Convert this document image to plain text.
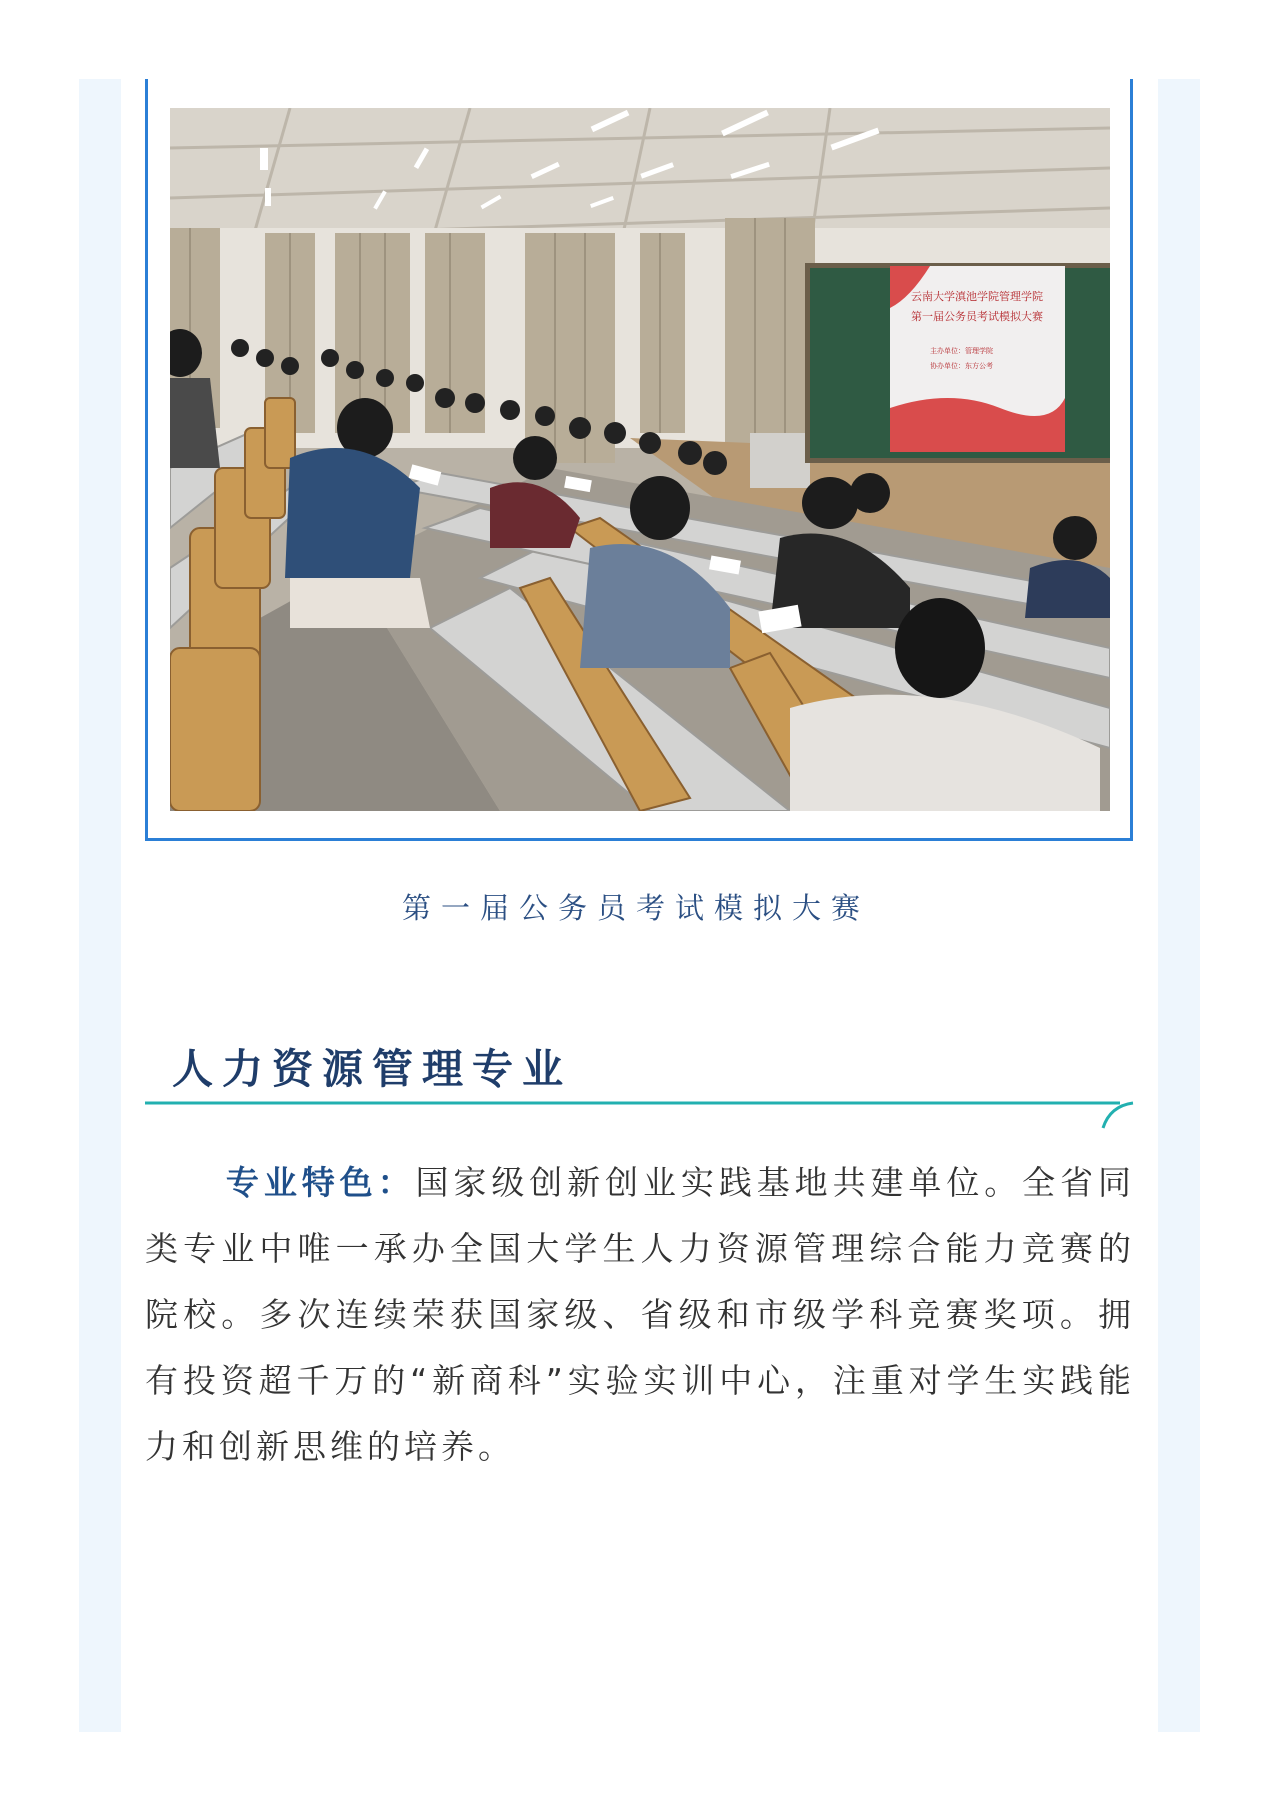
云南大学滇池学院管理学院
第一届公务员考试模拟大赛
主办单位：管理学院
协办单位：东方公考
第一届公务员考试模拟大赛
人力资源管理专业
专业特色：国家级创新创业实践基地共建单位。全省同类专业中唯一承办全国大学生人力资源管理综合能力竞赛的院校。多次连续荣获国家级、省级和市级学科竞赛奖项。拥有投资超千万的“新商科”实验实训中心，注重对学生实践能力和创新思维的培养。
